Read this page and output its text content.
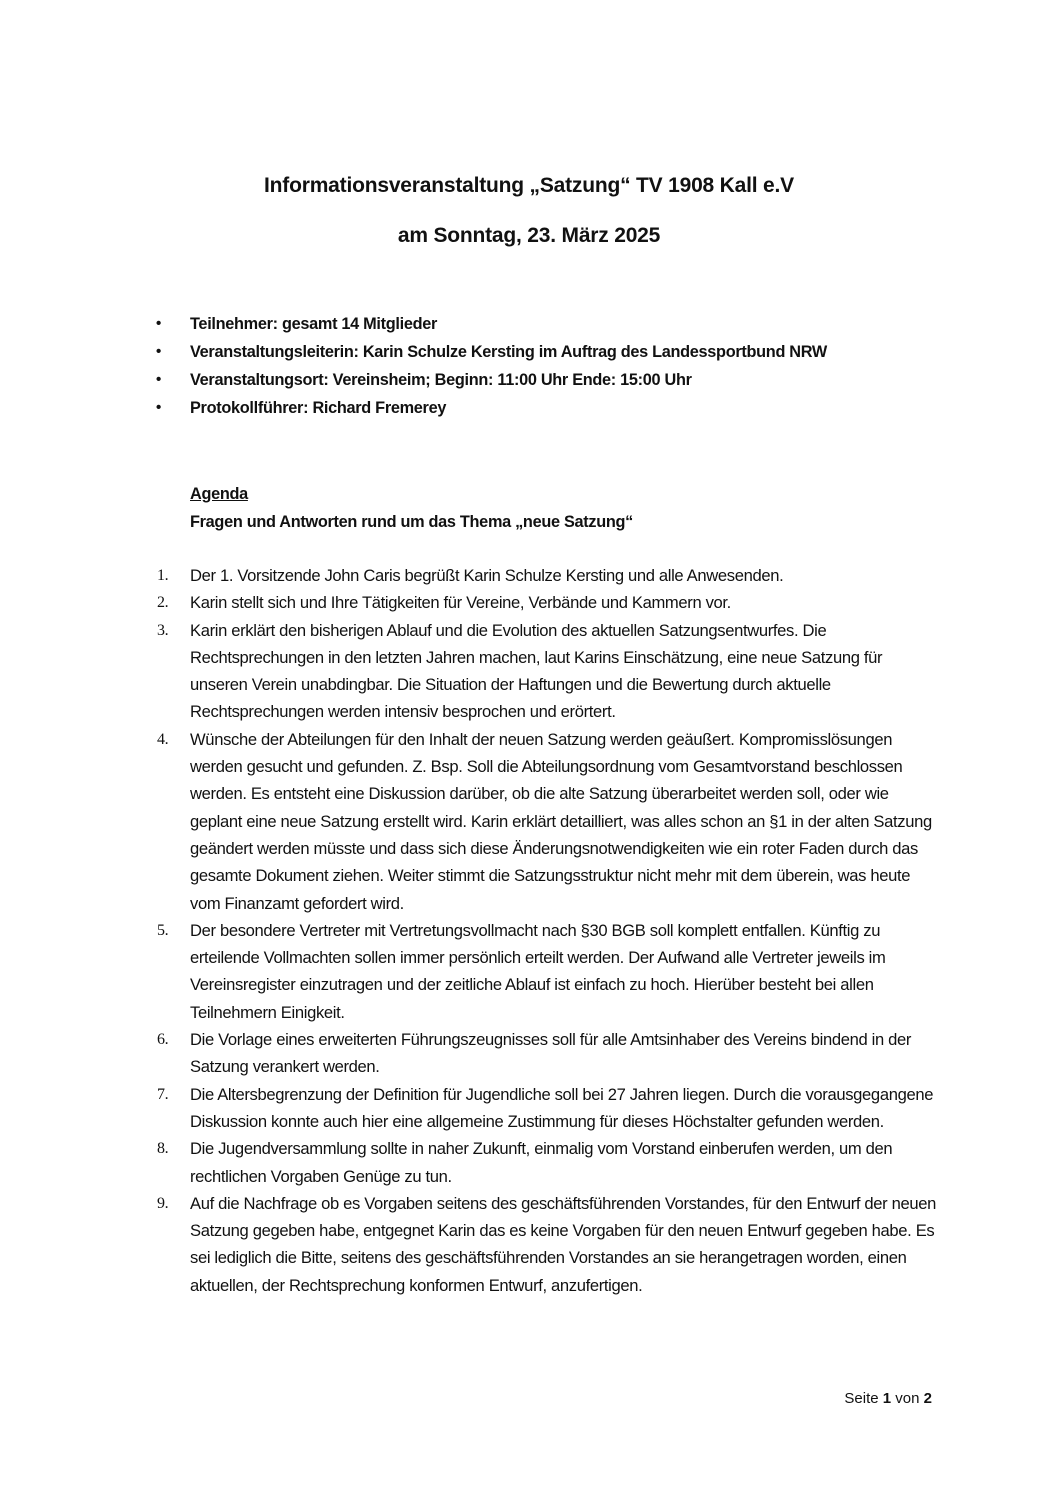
Informationsveranstaltung „Satzung“ TV 1908 Kall e.V
am Sonntag, 23. März 2025
• Teilnehmer: gesamt 14 Mitglieder
• Veranstaltungsleiterin: Karin Schulze Kersting im Auftrag des Landessportbund NRW
• Veranstaltungsort: Vereinsheim; Beginn: 11:00 Uhr Ende: 15:00 Uhr
• Protokollführer: Richard Fremerey
Agenda
Fragen und Antworten rund um das Thema „neue Satzung“
1. Der 1. Vorsitzende John Caris begrüßt Karin Schulze Kersting und alle Anwesenden.
2. Karin stellt sich und Ihre Tätigkeiten für Vereine, Verbände und Kammern vor.
3. Karin erklärt den bisherigen Ablauf und die Evolution des aktuellen Satzungsentwurfes. Die Rechtsprechungen in den letzten Jahren machen, laut Karins Einschätzung, eine neue Satzung für unseren Verein unabdingbar. Die Situation der Haftungen und die Bewertung durch aktuelle Rechtsprechungen werden intensiv besprochen und erörtert.
4. Wünsche der Abteilungen für den Inhalt der neuen Satzung werden geäußert. Kompromisslösungen werden gesucht und gefunden. Z. Bsp. Soll die Abteilungsordnung vom Gesamtvorstand beschlossen werden. Es entsteht eine Diskussion darüber, ob die alte Satzung überarbeitet werden soll, oder wie geplant eine neue Satzung erstellt wird. Karin erklärt detailliert, was alles schon an §1 in der alten Satzung geändert werden müsste und dass sich diese Änderungsnotwendigkeiten wie ein roter Faden durch das gesamte Dokument ziehen. Weiter stimmt die Satzungsstruktur nicht mehr mit dem überein, was heute vom Finanzamt gefordert wird.
5. Der besondere Vertreter mit Vertretungsvollmacht nach §30 BGB soll komplett entfallen. Künftig zu erteilende Vollmachten sollen immer persönlich erteilt werden. Der Aufwand alle Vertreter jeweils im Vereinsregister einzutragen und der zeitliche Ablauf ist einfach zu hoch. Hierüber besteht bei allen Teilnehmern Einigkeit.
6. Die Vorlage eines erweiterten Führungszeugnisses soll für alle Amtsinhaber des Vereins bindend in der Satzung verankert werden.
7. Die Altersbegrenzung der Definition für Jugendliche soll bei 27 Jahren liegen. Durch die vorausgegangene Diskussion konnte auch hier eine allgemeine Zustimmung für dieses Höchstalter gefunden werden.
8. Die Jugendversammlung sollte in naher Zukunft, einmalig vom Vorstand einberufen werden, um den rechtlichen Vorgaben Genüge zu tun.
9. Auf die Nachfrage ob es Vorgaben seitens des geschäftsführenden Vorstandes, für den Entwurf der neuen Satzung gegeben habe, entgegnet Karin das es keine Vorgaben für den neuen Entwurf gegeben habe. Es sei lediglich die Bitte, seitens des geschäftsführenden Vorstandes an sie herangetragen worden, einen aktuellen, der Rechtsprechung konformen Entwurf, anzufertigen.
Seite 1 von 2
